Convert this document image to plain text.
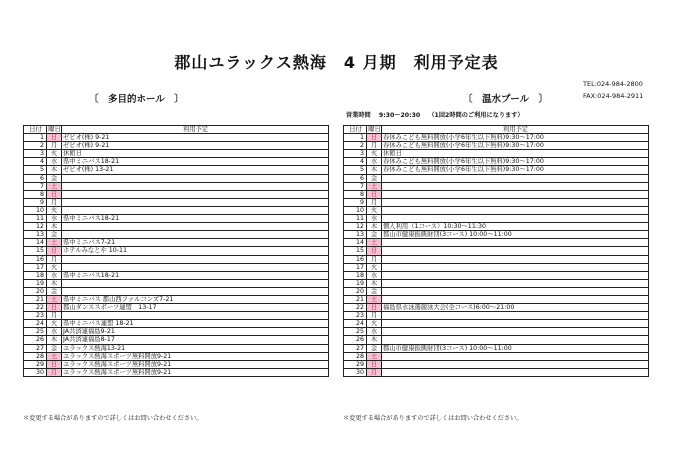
郡山ユラックス熱海　4 月期　利用予定表
TEL:024-984-2800
FAX:024-984-2911
〔　多目的ホール　〕	〔　温水プール　〕
営業時間 9:30～20:30 （1回2時間のご利用になります）
日付	曜日	利用予定
1	日	ゼビオ(株) 9-21
2	月	ゼビオ(株) 9-21
3	火	休館日
4	水	県中ミニバス18-21
5	木	ゼビオ(株) 13-21
6	金	
7	土	
8	日	
9	月	
10	火	
11	水	県中ミニバス18-21
12	木	
13	金	
14	土	県中ミニバス7-21
15	日	ホテルみなとや 10-11
16	月	
17	火	
18	水	県中ミニバス18-21
19	木	
20	金	
21	土	県中ミニバス 郡山西ファルコンズ7-21
22	日	郡山ダンススポーツ連盟　13-17
23	月	
24	火	県中ミニバス連盟 18-21
25	水	JA共済連福島9-21
26	木	JA共済連福島8-17
27	金	ユラックス熱海13-21
28	土	ユラックス熱海スポーツ無料開放9-21
29	日	ユラックス熱海スポーツ無料開放9-21
30	月	ユラックス熱海スポーツ無料開放9-21
日付	曜日	利用予定
1	日	春休みこども無料開放(小学6年生以下無料)9:30～17:00
2	月	春休みこども無料開放(小学6年生以下無料)9:30～17:00
3	火	休館日
4	水	春休みこども無料開放(小学6年生以下無料)9:30～17:00
5	木	春休みこども無料開放(小学6年生以下無料)9:30～17:00
6	金	
7	土	
8	日	
9	月	
10	火	
11	水	
12	木	個人利用（1コース）10:30～11:30
13	金	郡山市健康振興財団(3コース) 10:00～11:00
14	土	
15	日	
16	月	
17	火	
18	水	
19	木	
20	金	
21	土	
22	日	福島県水泳選競泳大会(全コース)6:00～21:00
23	月	
24	火	
25	水	
26	木	
27	金	郡山市健康振興財団(3コース) 10:00～11:00
28	土	
29	日	
30	月	
＊変更する場合がありますので詳しくはお問い合わせください。	＊変更する場合がありますので詳しくはお問い合わせください。
